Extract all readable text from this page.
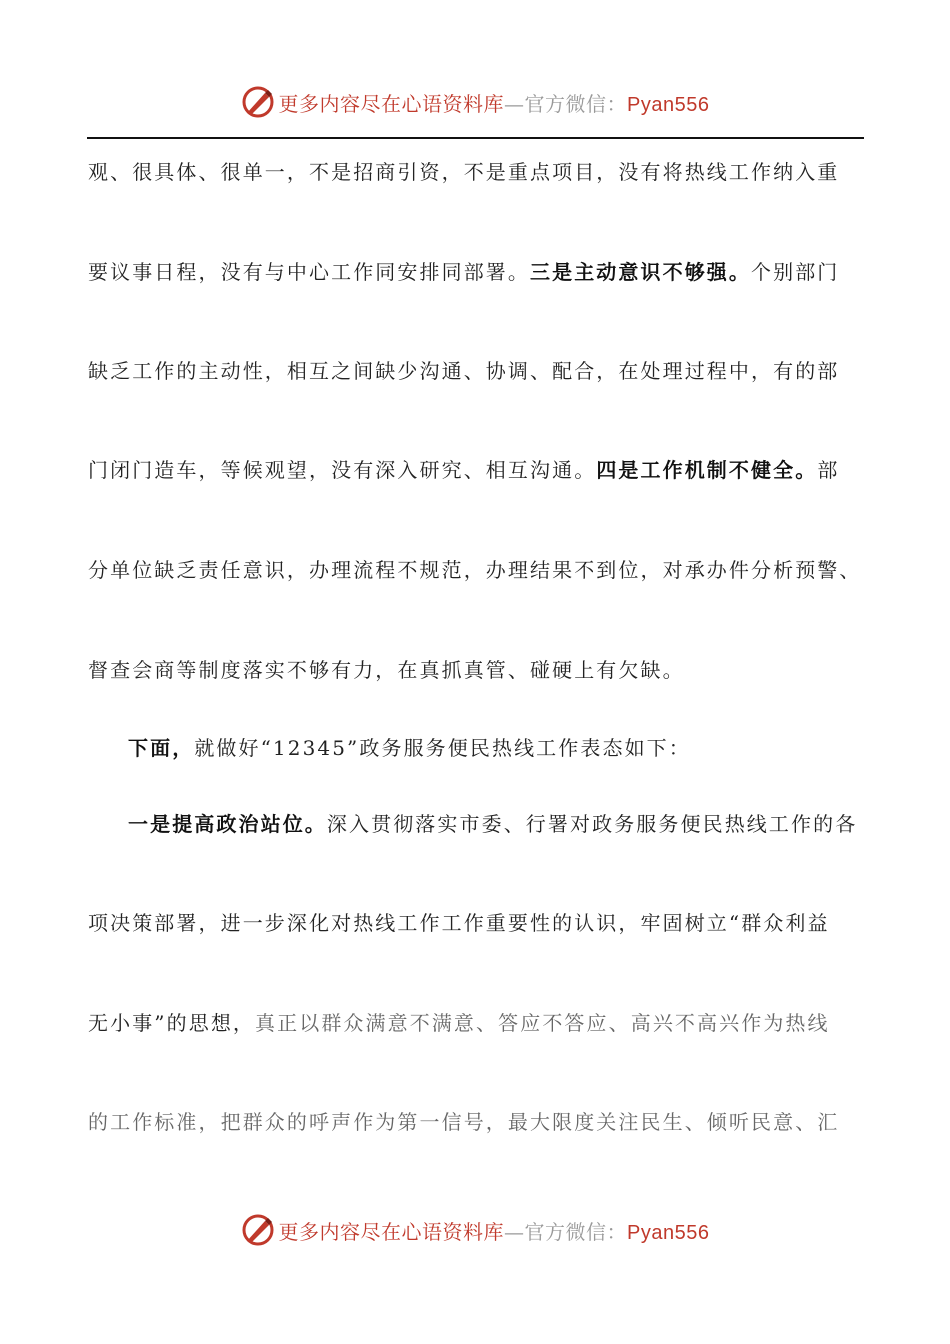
更多内容尽在心语资料库—官方微信：Pyan556
观、很具体、很单一，不是招商引资，不是重点项目，没有将热线工作纳入重
要议事日程，没有与中心工作同安排同部署。三是主动意识不够强。个别部门
缺乏工作的主动性，相互之间缺少沟通、协调、配合，在处理过程中，有的部
门闭门造车，等候观望，没有深入研究、相互沟通。四是工作机制不健全。部
分单位缺乏责任意识，办理流程不规范，办理结果不到位，对承办件分析预警、
督查会商等制度落实不够有力，在真抓真管、碰硬上有欠缺。
下面，就做好“12345”政务服务便民热线工作表态如下：
一是提高政治站位。深入贯彻落实市委、行署对政务服务便民热线工作的各
项决策部署，进一步深化对热线工作工作重要性的认识，牢固树立“群众利益
无小事”的思想，真正以群众满意不满意、答应不答应、高兴不高兴作为热线
的工作标准，把群众的呼声作为第一信号，最大限度关注民生、倾听民意、汇
更多内容尽在心语资料库—官方微信：Pyan556
